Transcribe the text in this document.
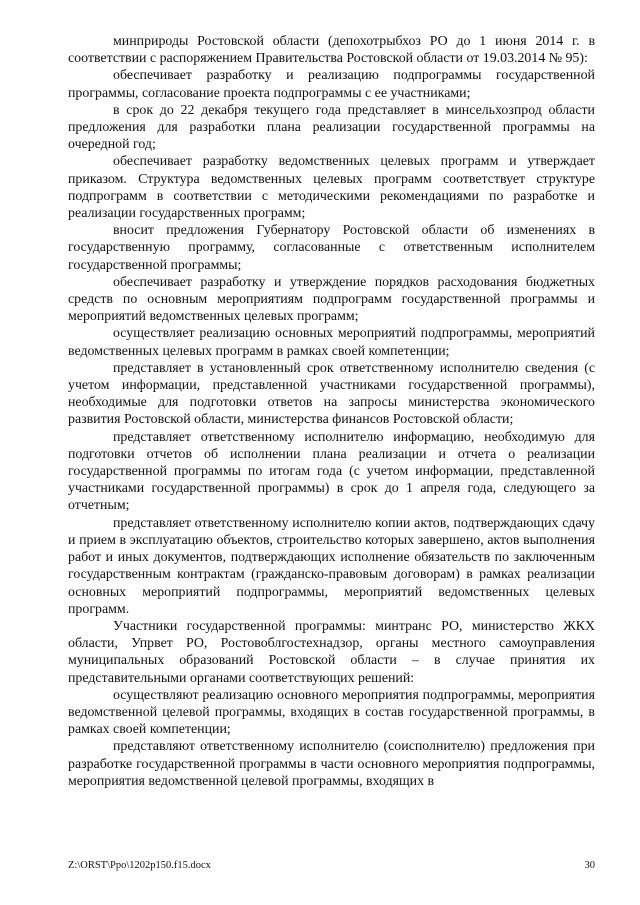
минприроды Ростовской области (депохотрыбхоз РО до 1 июня 2014 г. в соответствии с распоряжением Правительства Ростовской области от 19.03.2014 № 95):

обеспечивает разработку и реализацию подпрограммы государственной программы, согласование проекта подпрограммы с ее участниками;

в срок до 22 декабря текущего года представляет в минсельхозпрод области предложения для разработки плана реализации государственной программы на очередной год;

обеспечивает разработку ведомственных целевых программ и утверждает приказом. Структура ведомственных целевых программ соответствует структуре подпрограмм в соответствии с методическими рекомендациями по разработке и реализации государственных программ;

вносит предложения Губернатору Ростовской области об изменениях в государственную программу, согласованные с ответственным исполнителем государственной программы;

обеспечивает разработку и утверждение порядков расходования бюджетных средств по основным мероприятиям подпрограмм государственной программы и мероприятий ведомственных целевых программ;

осуществляет реализацию основных мероприятий подпрограммы, мероприятий ведомственных целевых программ в рамках своей компетенции;

представляет в установленный срок ответственному исполнителю сведения (с учетом информации, представленной участниками государственной программы), необходимые для подготовки ответов на запросы министерства экономического развития Ростовской области, министерства финансов Ростовской области;

представляет ответственному исполнителю информацию, необходимую для подготовки отчетов об исполнении плана реализации и отчета о реализации государственной программы по итогам года (с учетом информации, представленной участниками государственной программы) в срок до 1 апреля года, следующего за отчетным;

представляет ответственному исполнителю копии актов, подтверждающих сдачу и прием в эксплуатацию объектов, строительство которых завершено, актов выполнения работ и иных документов, подтверждающих исполнение обязательств по заключенным государственным контрактам (гражданско-правовым договорам) в рамках реализации основных мероприятий подпрограммы, мероприятий ведомственных целевых программ.

Участники государственной программы: минтранс РО, министерство ЖКХ области, Упрвет РО, Ростовоблгостехнадзор, органы местного самоуправления муниципальных образований Ростовской области – в случае принятия их представительными органами соответствующих решений:

осуществляют реализацию основного мероприятия подпрограммы, мероприятия ведомственной целевой программы, входящих в состав государственной программы, в рамках своей компетенции;

представляют ответственному исполнителю (соисполнителю) предложения при разработке государственной программы в части основного мероприятия подпрограммы, мероприятия ведомственной целевой программы, входящих в

Z:\ORST\Ppo\1202p150.f15.docx	30
